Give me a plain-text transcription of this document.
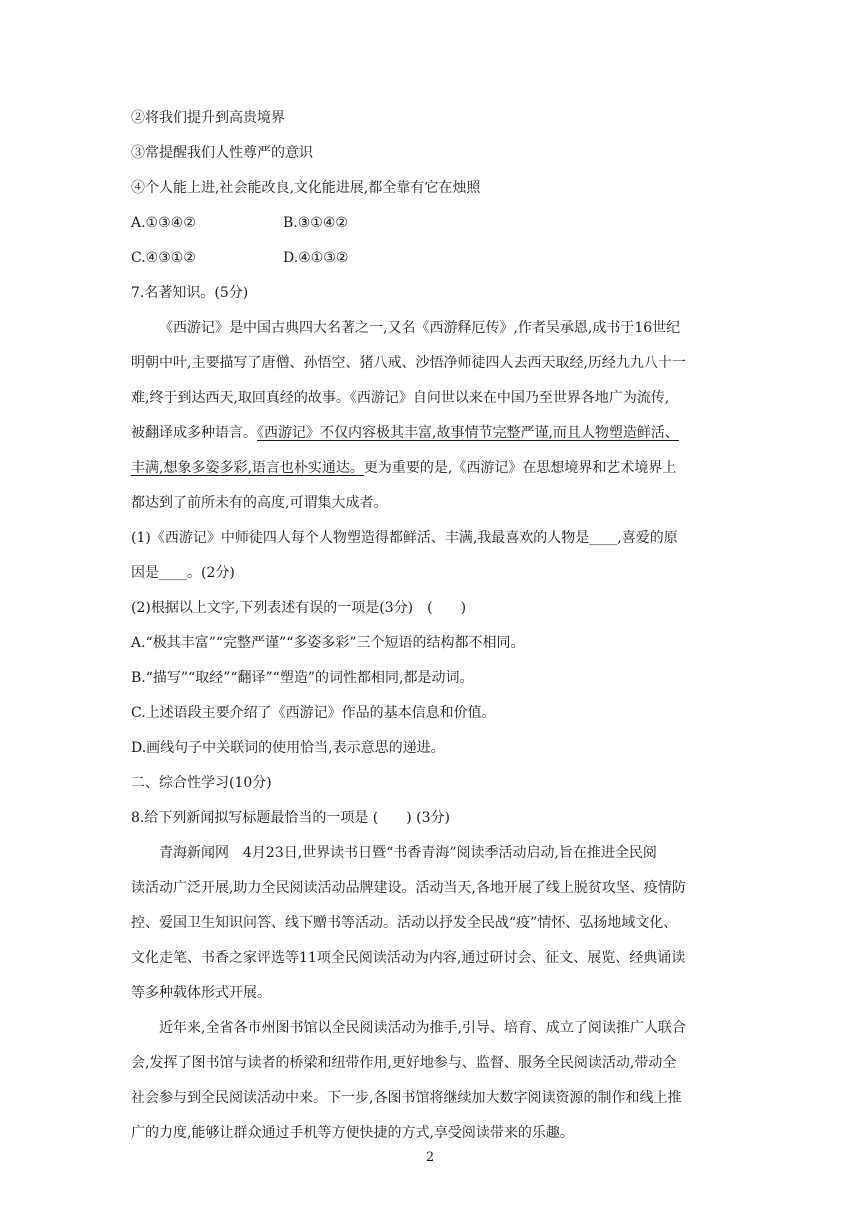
②将我们提升到高贵境界
③常提醒我们人性尊严的意识
④个人能上进,社会能改良,文化能进展,都全靠有它在烛照
A.①③④②	B.③①④②
C.④③①②	D.④①③②
7.名著知识。(5分)
《西游记》是中国古典四大名著之一,又名《西游释厄传》,作者吴承恩,成书于16世纪
明朝中叶,主要描写了唐僧、孙悟空、猪八戒、沙悟净师徒四人去西天取经,历经九九八十一
难,终于到达西天,取回真经的故事。《西游记》自问世以来在中国乃至世界各地广为流传,
被翻译成多种语言。《西游记》不仅内容极其丰富,故事情节完整严谨,而且人物塑造鲜活、
丰满,想象多姿多彩,语言也朴实通达。更为重要的是,《西游记》在思想境界和艺术境界上
都达到了前所未有的高度,可谓集大成者。
(1)《西游记》中师徒四人每个人物塑造得都鲜活、丰满,我最喜欢的人物是____,喜爱的原
因是____。(2分)
(2)根据以上文字,下列表述有误的一项是(3分)　(　　)
A.“极其丰富”“完整严谨”“多姿多彩”三个短语的结构都不相同。
B.“描写”“取经”“翻译”“塑造”的词性都相同,都是动词。
C.上述语段主要介绍了《西游记》作品的基本信息和价值。
D.画线句子中关联词的使用恰当,表示意思的递进。
二、综合性学习(10分)
8.给下列新闻拟写标题最恰当的一项是 (　　) (3分)
青海新闻网　4月23日,世界读书日暨“书香青海”阅读季活动启动,旨在推进全民阅
读活动广泛开展,助力全民阅读活动品牌建设。活动当天,各地开展了线上脱贫攻坚、疫情防
控、爱国卫生知识问答、线下赠书等活动。活动以抒发全民战“疫”情怀、弘扬地域文化、
文化走笔、书香之家评选等11项全民阅读活动为内容,通过研讨会、征文、展览、经典诵读
等多种载体形式开展。
近年来,全省各市州图书馆以全民阅读活动为推手,引导、培育、成立了阅读推广人联合
会,发挥了图书馆与读者的桥梁和纽带作用,更好地参与、监督、服务全民阅读活动,带动全
社会参与到全民阅读活动中来。下一步,各图书馆将继续加大数字阅读资源的制作和线上推
广的力度,能够让群众通过手机等方便快捷的方式,享受阅读带来的乐趣。
2
